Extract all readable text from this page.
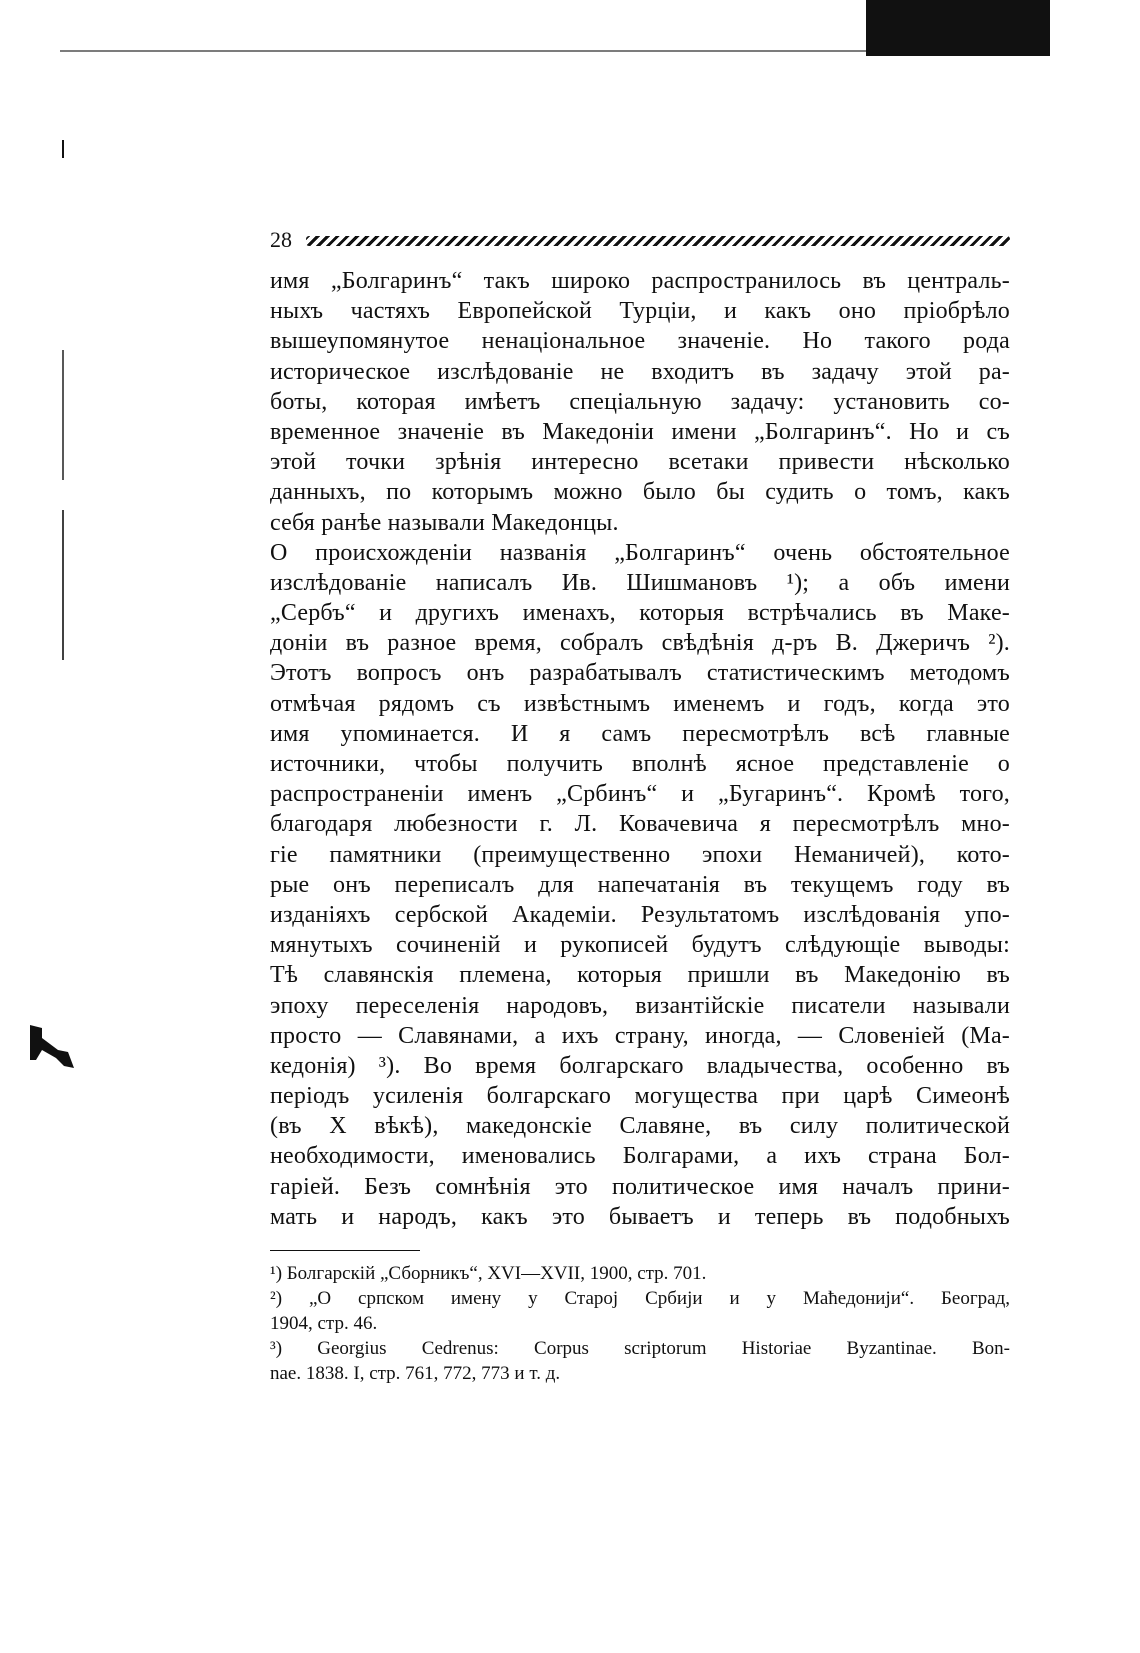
28
имя „Болгаринъ“ такъ широко распространилось въ централь-
ныхъ частяхъ Европейской Турціи, и какъ оно пріобрѣло
вышеупомянутое ненаціональное значеніе. Но такого рода
историческое изслѣдованіе не входитъ въ задачу этой ра-
боты, которая имѣетъ спеціальную задачу: установить со-
временное значеніе въ Македоніи имени „Болгаринъ“. Но и съ
этой точки зрѣнія интересно всетаки привести нѣсколько
данныхъ, по которымъ можно было бы судить о томъ, какъ
себя ранѣе называли Македонцы.
О происхожденіи названія „Болгаринъ“ очень обстоятельное
изслѣдованіе написалъ Ив. Шишмановъ ¹); а объ имени
„Сербъ“ и другихъ именахъ, которыя встрѣчались въ Маке-
доніи въ разное время, собралъ свѣдѣнія д-ръ В. Джеричъ ²).
Этотъ вопросъ онъ разрабатывалъ статистическимъ методомъ
отмѣчая рядомъ съ извѣстнымъ именемъ и годъ, когда это
имя упоминается. И я самъ пересмотрѣлъ всѣ главные
источники, чтобы получить вполнѣ ясное представленіе о
распространеніи именъ „Србинъ“ и „Бугаринъ“. Кромѣ того,
благодаря любезности г. Л. Ковачевича я пересмотрѣлъ мно-
гіе памятники (преимущественно эпохи Неманичей), кото-
рые онъ переписалъ для напечатанія въ текущемъ году въ
изданіяхъ сербской Академіи. Результатомъ изслѣдованія упо-
мянутыхъ сочиненій и рукописей будутъ слѣдующіе выводы:
Тѣ славянскія племена, которыя пришли въ Македонію въ
эпоху переселенія народовъ, византійскіе писатели называли
просто — Славянами, а ихъ страну, иногда, — Словеніей (Ма-
кедонія) ³). Во время болгарскаго владычества, особенно въ
періодъ усиленія болгарскаго могущества при царѣ Симеонѣ
(въ X вѣкѣ), македонскіе Славяне, въ силу политической
необходимости, именовались Болгарами, а ихъ страна Бол-
гаріей. Безъ сомнѣнія это политическое имя началъ прини-
мать и народъ, какъ это бываетъ и теперь въ подобныхъ
¹) Болгарскій „Сборникъ“, XVI—XVII, 1900, стр. 701.
²) „О српском имену у Староj Србиjи и у Маћедониjи“. Београд,
1904, стр. 46.
³) Georgius Cedrenus: Corpus scriptorum Historiae Byzantinae. Bon-
nae. 1838. I, стр. 761, 772, 773 и т. д.
